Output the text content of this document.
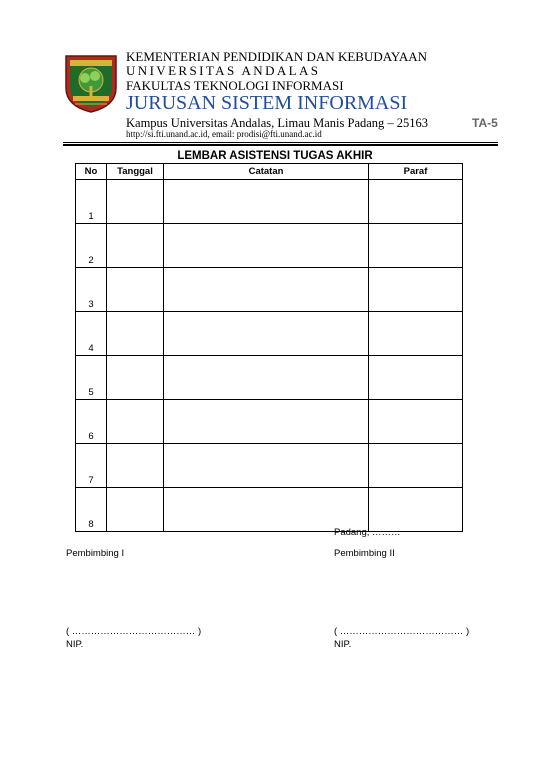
KEMENTERIAN PENDIDIKAN DAN KEBUDAYAAN
UNIVERSITAS ANDALAS
FAKULTAS TEKNOLOGI INFORMASI
JURUSAN SISTEM INFORMASI
Kampus Universitas Andalas, Limau Manis Padang – 25163
http://si.fti.unand.ac.id, email: prodisi@fti.unand.ac.id
TA-5
LEMBAR ASISTENSI TUGAS AKHIR
No	Tanggal	Catatan	Paraf
1			
2			
3			
4			
5			
6			
7			
8			
Padang, ………
Pembimbing I	Pembimbing II
( ………………………………… )	( ………………………………… )
NIP.	NIP.
